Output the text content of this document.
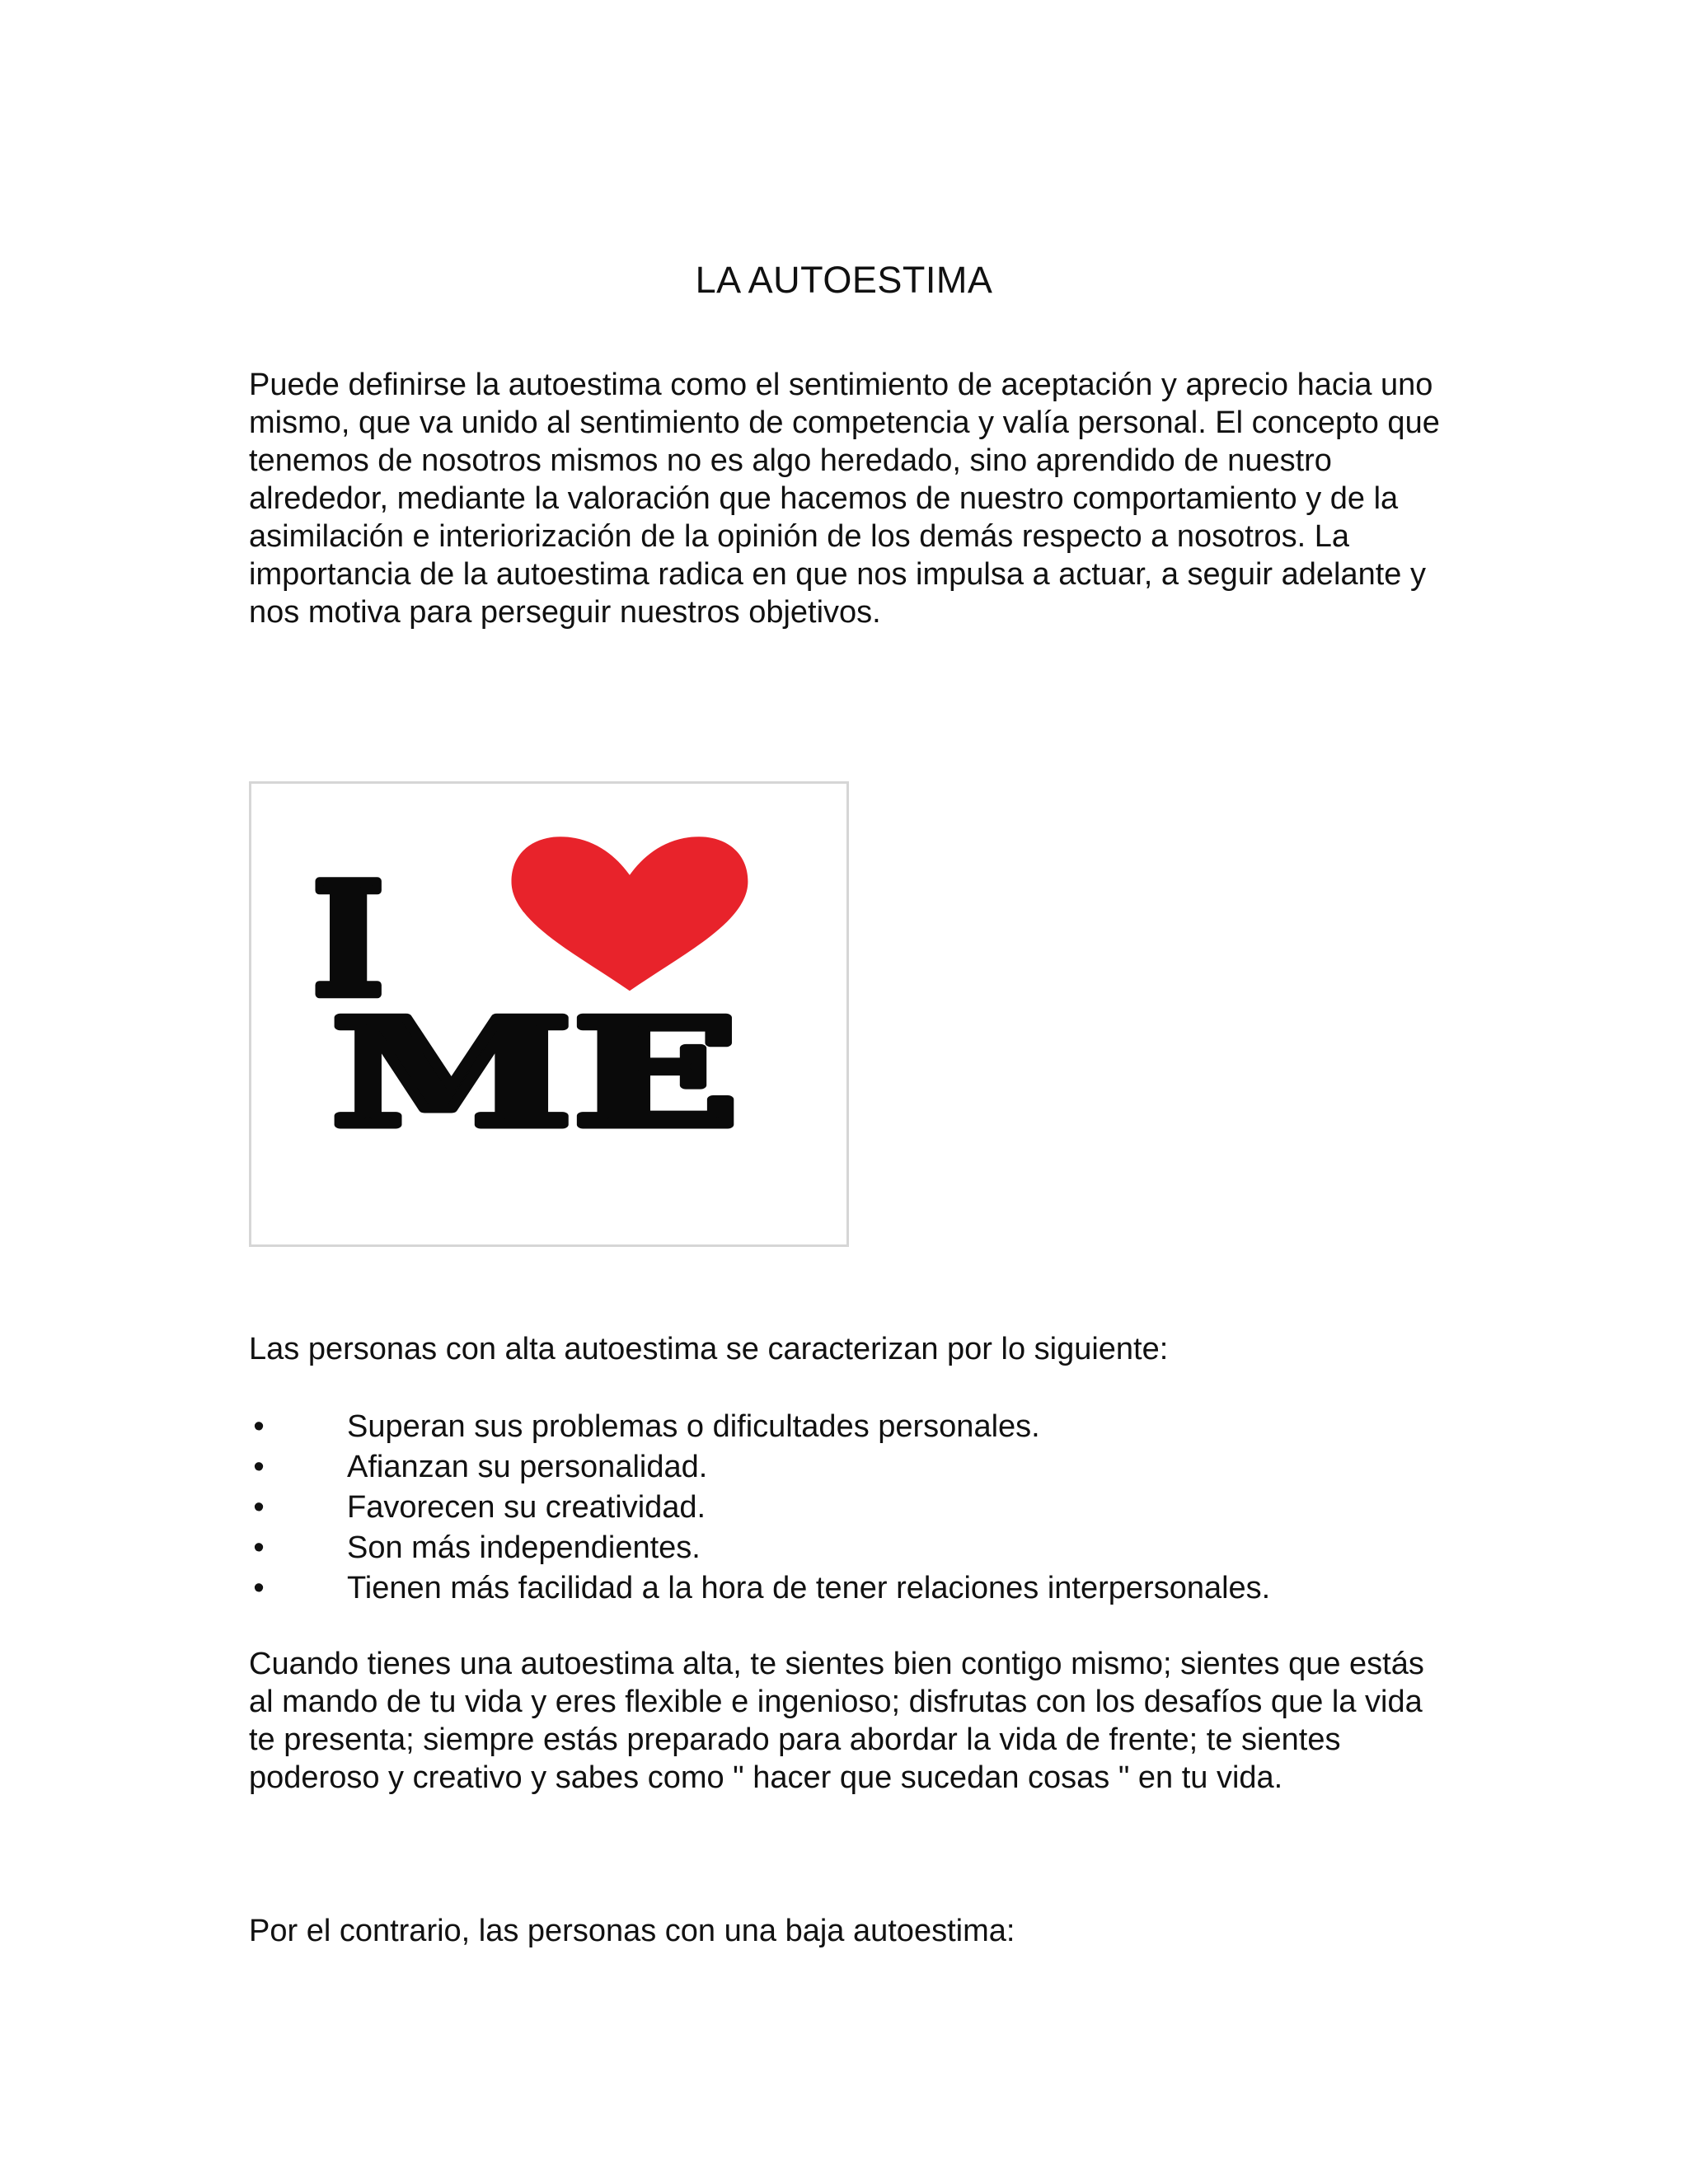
LA AUTOESTIMA
Puede definirse la autoestima como el sentimiento de aceptación y aprecio hacia uno mismo, que va unido al sentimiento de competencia y valía personal. El concepto que tenemos de nosotros mismos no es algo heredado, sino aprendido de nuestro alrededor, mediante la valoración que hacemos de nuestro comportamiento y de la asimilación e interiorización de la opinión de los demás respecto a nosotros. La importancia de la autoestima radica en que nos impulsa a actuar, a seguir adelante y nos motiva para perseguir nuestros objetivos.
I
ME
Las personas con alta autoestima se caracterizan por lo siguiente:
•	Superan sus problemas o dificultades personales.
•	Afianzan su personalidad.
•	Favorecen su creatividad.
•	Son más independientes.
•	Tienen más facilidad a la hora de tener relaciones interpersonales.
Cuando tienes una autoestima alta, te sientes bien contigo mismo; sientes que estás al mando de tu vida y eres flexible e ingenioso; disfrutas con los desafíos que la vida te presenta; siempre estás preparado para abordar la vida de frente; te sientes poderoso y creativo y sabes como " hacer que sucedan cosas " en tu vida.
Por el contrario, las personas con una baja autoestima:
